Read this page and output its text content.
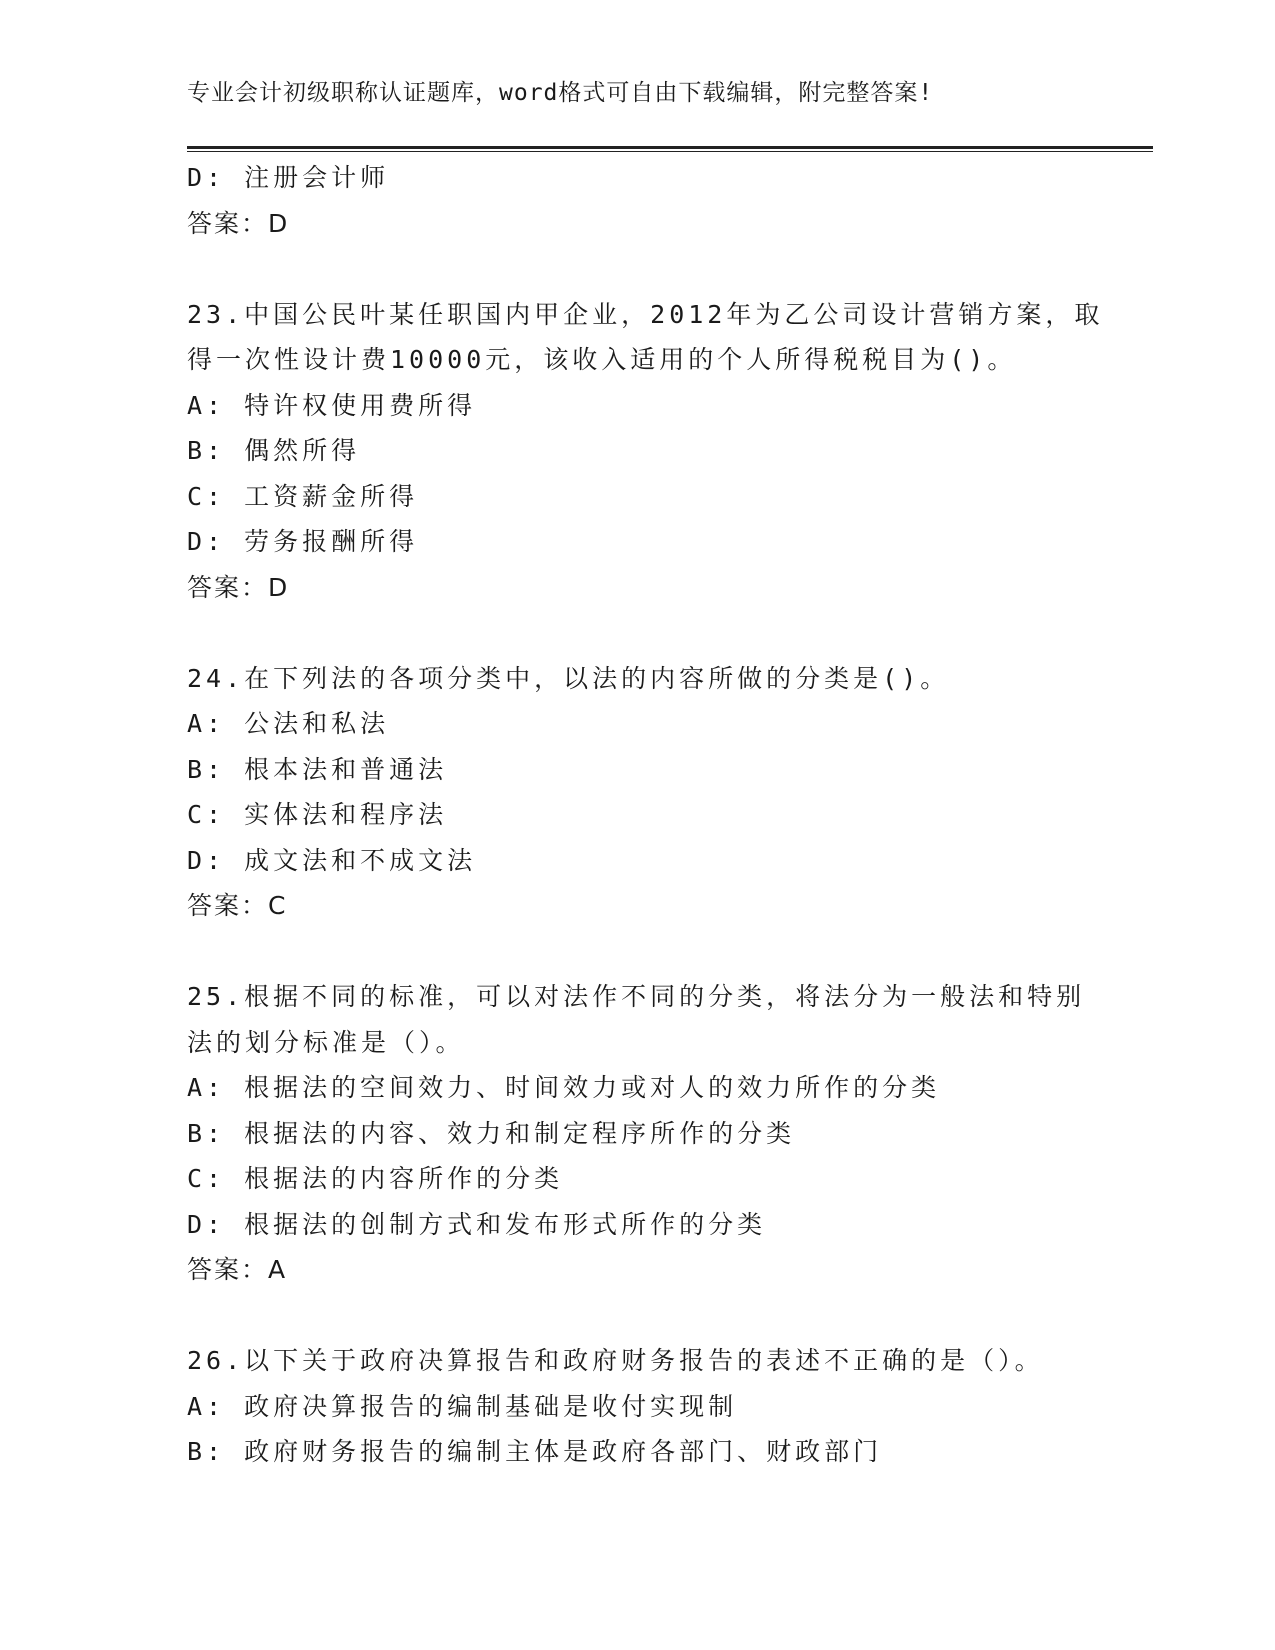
专业会计初级职称认证题库，word格式可自由下载编辑，附完整答案!
D: 注册会计师
答案：D
23.中国公民叶某任职国内甲企业，2012年为乙公司设计营销方案，取
得一次性设计费10000元，该收入适用的个人所得税税目为()。
A: 特许权使用费所得
B: 偶然所得
C: 工资薪金所得
D: 劳务报酬所得
答案：D
24.在下列法的各项分类中，以法的内容所做的分类是()。
A: 公法和私法
B: 根本法和普通法
C: 实体法和程序法
D: 成文法和不成文法
答案：C
25.根据不同的标准，可以对法作不同的分类，将法分为一般法和特别
法的划分标准是（）。
A: 根据法的空间效力、时间效力或对人的效力所作的分类
B: 根据法的内容、效力和制定程序所作的分类
C: 根据法的内容所作的分类
D: 根据法的创制方式和发布形式所作的分类
答案：A
26.以下关于政府决算报告和政府财务报告的表述不正确的是（）。
A: 政府决算报告的编制基础是收付实现制
B: 政府财务报告的编制主体是政府各部门、财政部门
